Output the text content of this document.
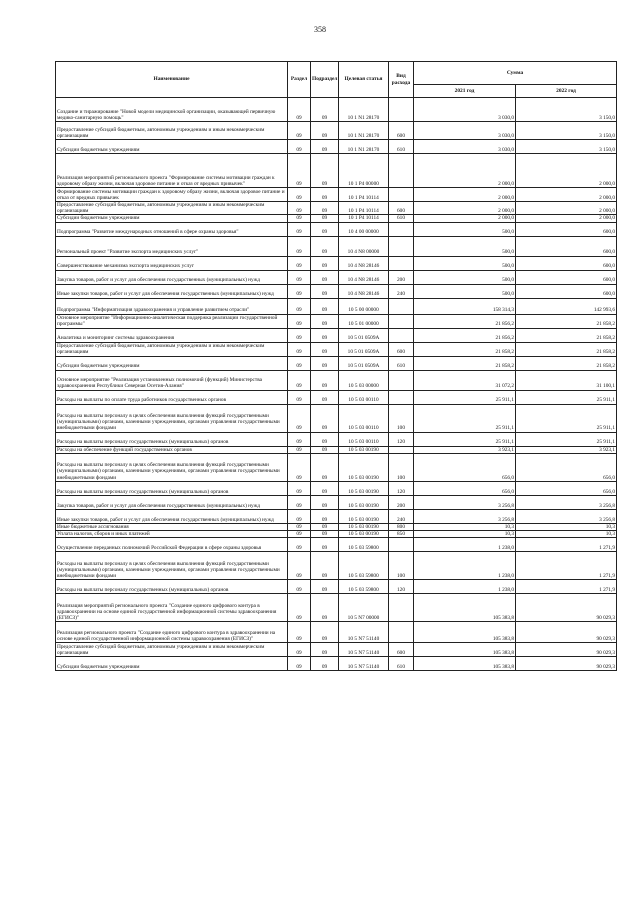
358
Наименование	Раздел	Подраздел	Целевая статья	Вид расхода	Сумма	
					2021 год	2022 год
Создание и тиражирование "Новой модели медицинской организации, оказывающей первичную медико-санитарную помощь"	09	09	10 1 N1 28170		3 030,0	3 150,0
Предоставление субсидий бюджетным, автономным учреждениям и иным некоммерческим организациям	09	09	10 1 N1 28170	600	3 030,0	3 150,0
Субсидии бюджетным учреждениям	09	09	10 1 N1 28170	610	3 030,0	3 150,0
Реализация мероприятий регионального проекта "Формирование системы мотивации граждан к здоровому образу жизни, включая здоровое питание и отказ от вредных привычек"	09	09	10 1 P4 00000		2 000,0	2 000,0
Формирование системы мотивации граждан к здоровому образу жизни, включая здоровое питание и отказ от вредных привычек	09	09	10 1 P4 10114		2 000,0	2 000,0
Предоставление субсидий бюджетным, автономным учреждениям и иным некоммерческим организациям	09	09	10 1 P4 10114	600	2 000,0	2 000,0
Субсидии бюджетным учреждениям	09	09	10 1 P4 10114	610	2 000,0	2 000,0
Подпрограмма "Развитие международных отношений в сфере охраны здоровья"	09	09	10 4 00 00000		500,0	600,0
Региональный проект "Развитие экспорта медицинских услуг"	09	09	10 4 N8 00000		500,0	600,0
Совершенствование механизма экспорта медицинских услуг	09	09	10 4 N8 28146		500,0	600,0
Закупка товаров, работ и услуг для обеспечения государственных (муниципальных) нужд	09	09	10 4 N8 28146	200	500,0	600,0
Иные закупки товаров, работ и услуг для обеспечения государственных (муниципальных) нужд	09	09	10 4 N8 28146	240	500,0	600,0
Подпрограмма "Информатизация здравоохранения и управление развитием отрасли"	09	09	10 5 00 00000		158 314,3	142 993,6
Основное мероприятие "Информационно-аналитическая поддержка реализации государственной программы"	09	09	10 5 01 00000		21 856,2	21 858,2
Аналитика и мониторинг системы здравоохранения	09	09	10 5 01 0509A		21 856,2	21 858,2
Предоставление субсидий бюджетным, автономным учреждениям и иным некоммерческим организациям	09	09	10 5 01 0509A	600	21 858,2	21 858,2
Субсидии бюджетным учреждениям	09	09	10 5 01 0509A	610	21 858,2	21 858,2
Основное мероприятие "Реализация установленных полномочий (функций) Министерства здравоохранения Республики Северная Осетия-Алания"	09	09	10 5 03 00000		31 072,2	31 100,1
Расходы на выплаты по оплате труда работников государственных органов	09	09	10 5 03 00110		25 911,1	25 911,1
Расходы на выплаты персоналу в целях обеспечения выполнения функций государственными (муниципальными) органами, казенными учреждениями, органами управления государственными внебюджетными фондами	09	09	10 5 03 00110	100	25 911,1	25 911,1
Расходы на выплаты персоналу государственных (муниципальных) органов	09	09	10 5 03 00110	120	25 911,1	25 911,1
Расходы на обеспечение функций государственных органов	09	09	10 5 03 00190		3 923,1	3 923,1
Расходы на выплаты персоналу в целях обеспечения выполнения функций государственными (муниципальными) органами, казенными учреждениями, органами управления государственными внебюджетными фондами	09	09	10 5 03 00190	100	656,0	656,0
Расходы на выплаты персоналу государственных (муниципальных) органов	09	09	10 5 03 00190	120	656,0	656,0
Закупка товаров, работ и услуг для обеспечения государственных (муниципальных) нужд	09	09	10 5 03 00190	200	3 256,8	3 256,8
Иные закупки товаров, работ и услуг для обеспечения государственных (муниципальных) нужд	09	09	10 5 03 00190	240	3 256,8	3 256,8
Иные бюджетные ассигнования	09	09	10 5 03 00190	800	10,3	10,3
Уплата налогов, сборов и иных платежей	09	09	10 5 03 00190	850	10,3	10,3
Осуществление переданных полномочий Российской Федерации в сфере охраны здоровья	09	09	10 5 03 59800		1 238,0	1 271,9
Расходы на выплаты персоналу в целях обеспечения выполнения функций государственными (муниципальными) органами, казенными учреждениями, органами управления государственными внебюджетными фондами	09	09	10 5 03 59800	100	1 238,0	1 271,9
Расходы на выплаты персоналу государственных (муниципальных) органов	09	09	10 5 03 59800	120	1 238,0	1 271,9
Реализация мероприятий регионального проекта "Создание единого цифрового контура в здравоохранении на основе единой государственной информационной системы здравоохранения (ЕГИСЗ)"	09	09	10 5 N7 00000		105 383,8	90 029,3
Реализация регионального проекта "Создание единого цифрового контура в здравоохранении на основе единой государственной информационной системы здравоохранения (ЕГИСЗ)"	09	09	10 5 N7 51140		105 383,8	90 029,3
Предоставление субсидий бюджетным, автономным учреждениям и иным некоммерческим организациям	09	09	10 5 N7 51140	600	105 383,8	90 029,3
Субсидии бюджетным учреждениям	09	09	10 5 N7 51140	610	105 383,8	90 029,3
